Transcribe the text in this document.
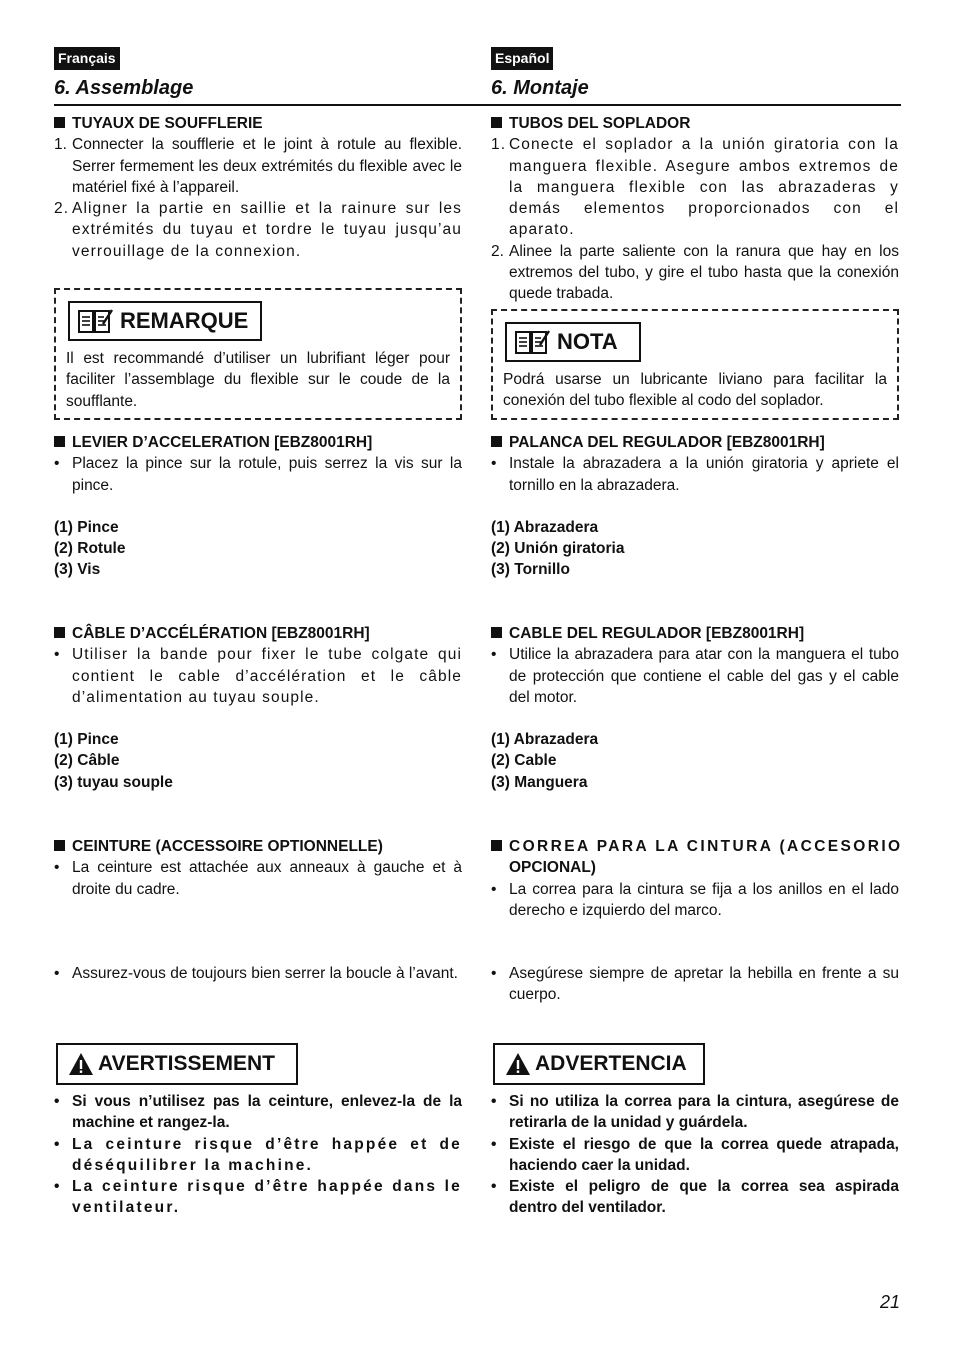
Français
6. Assemblage
TUYAUX DE SOUFFLERIE
1. Connecter la soufflerie et le joint à rotule au flexible. Serrer fermement les deux extrémités du flexible avec le matériel fixé à l’appareil.
2. Aligner la partie en saillie et la rainure sur les extrémités du tuyau et tordre le tuyau jusqu’au verrouillage de la connexion.
REMARQUE
Il est recommandé d’utiliser un lubrifiant léger pour faciliter l’assemblage du flexible sur le coude de la soufflante.
LEVIER D’ACCELERATION [EBZ8001RH]
• Placez la pince sur la rotule, puis serrez la vis sur la pince.
(1) Pince
(2) Rotule
(3) Vis
CÂBLE D’ACCÉLÉRATION [EBZ8001RH]
• Utiliser la bande pour fixer le tube colgate qui contient le cable d’accélération et le câble d’alimentation au tuyau souple.
(1) Pince
(2) Câble
(3) tuyau souple
CEINTURE (ACCESSOIRE OPTIONNELLE)
• La ceinture est attachée aux anneaux à gauche et à droite du cadre.
• Assurez-vous de toujours bien serrer la boucle à l’avant.
AVERTISSEMENT
• Si vous n’utilisez pas la ceinture, enlevez-la de la machine et rangez-la.
• La ceinture risque d’être happée et de déséquilibrer la machine.
• La ceinture risque d’être happée dans le ventilateur.
Español
6. Montaje
TUBOS DEL SOPLADOR
1. Conecte el soplador a la unión giratoria con la manguera flexible. Asegure ambos extremos de la manguera flexible con las abrazaderas y demás elementos proporcionados con el aparato.
2. Alinee la parte saliente con la ranura que hay en los extremos del tubo, y gire el tubo hasta que la conexión quede trabada.
NOTA
Podrá usarse un lubricante liviano para facilitar la conexión del tubo flexible al codo del soplador.
PALANCA DEL REGULADOR [EBZ8001RH]
• Instale la abrazadera a la unión giratoria y apriete el tornillo en la abrazadera.
(1) Abrazadera
(2) Unión giratoria
(3) Tornillo
CABLE DEL REGULADOR [EBZ8001RH]
• Utilice la abrazadera para atar con la manguera el tubo de protección que contiene el cable del gas y el cable del motor.
(1) Abrazadera
(2) Cable
(3) Manguera
CORREA PARA LA CINTURA (ACCESORIO
OPCIONAL)
• La correa para la cintura se fija a los anillos en el lado derecho e izquierdo del marco.
• Asegúrese siempre de apretar la hebilla en frente a su cuerpo.
ADVERTENCIA
• Si no utiliza la correa para la cintura, asegúrese de retirarla de la unidad y guárdela.
• Existe el riesgo de que la correa quede atrapada, haciendo caer la unidad.
• Existe el peligro de que la correa sea aspirada dentro del ventilador.
21
